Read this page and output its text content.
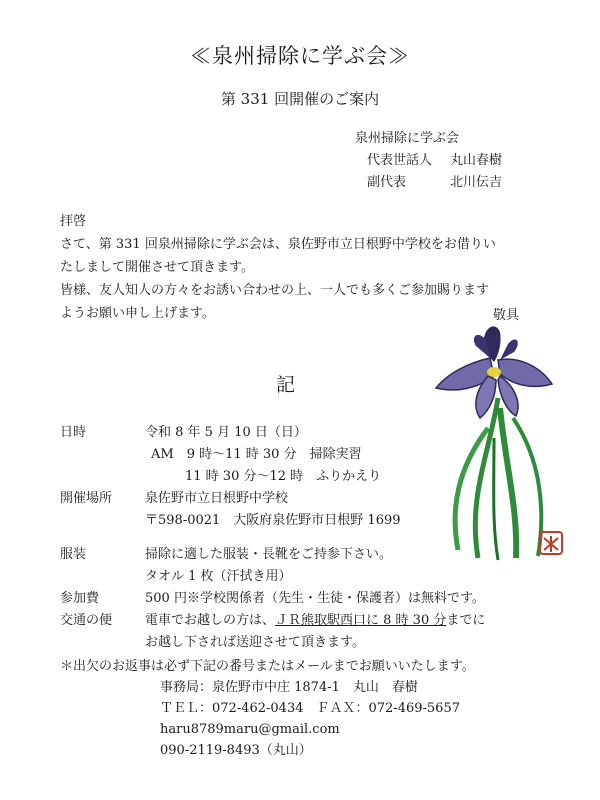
≪泉州掃除に学ぶ会≫
第 331 回開催のご案内
泉州掃除に学ぶ会
代表世話人	丸山春樹
副代表	北川伝吉
拝啓
さて、第 331 回泉州掃除に学ぶ会は、泉佐野市立日根野中学校をお借りい
たしまして開催させて頂きます。
皆様、友人知人の方々をお誘い合わせの上、一人でも多くご参加賜ります
ようお願い申し上げます。	敬具
記
日時	令和 8 年 5 月 10 日（日）
AM　9 時～11 時 30 分　掃除実習
11 時 30 分～12 時　ふりかえり
開催場所	泉佐野市立日根野中学校
〒598-0021　大阪府泉佐野市日根野 1699
服装	掃除に適した服装・長靴をご持参下さい。
タオル 1 枚（汗拭き用）
参加費	500 円※学校関係者（先生・生徒・保護者）は無料です。
交通の便	電車でお越しの方は、ＪＲ熊取駅西口に 8 時 30 分までに
お越し下されば送迎させて頂きます。
＊出欠のお返事は必ず下記の番号またはメールまでお願いいたします。
事務局：泉佐野市中庄 1874-1　丸山　春樹
ＴＥＬ：072-462-0434　ＦＡＸ：072-469-5657
haru8789maru@gmail.com
090-2119-8493（丸山）
